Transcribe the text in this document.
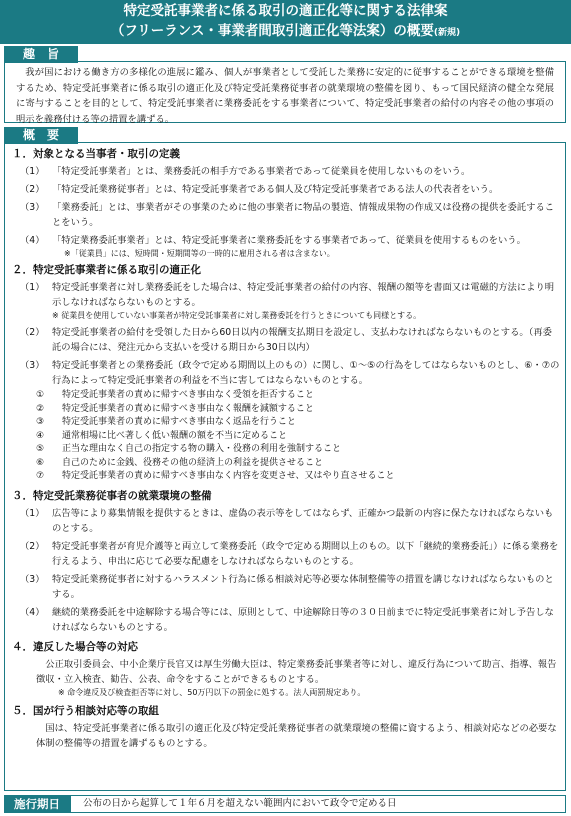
特定受託事業者に係る取引の適正化等に関する法律案
（フリーランス・事業者間取引適正化等法案）の概要(新規)
趣　旨
我が国における働き方の多様化の進展に鑑み、個人が事業者として受託した業務に安定的に従事することができる環境を整備するため、特定受託事業者に係る取引の適正化及び特定受託業務従事者の就業環境の整備を図り、もって国民経済の健全な発展に寄与することを目的として、特定受託事業者に業務委託をする事業者について、特定受託事業者の給付の内容その他の事項の明示を義務付ける等の措置を講ずる。
概　要
１．対象となる当事者・取引の定義
（1） 「特定受託事業者」とは、業務委託の相手方である事業者であって従業員を使用しないものをいう。
（2） 「特定受託業務従事者」とは、特定受託事業者である個人及び特定受託事業者である法人の代表者をいう。
（3） 「業務委託」とは、事業者がその事業のために他の事業者に物品の製造、情報成果物の作成又は役務の提供を委託することをいう。
（4） 「特定業務委託事業者」とは、特定受託事業者に業務委託をする事業者であって、従業員を使用するものをいう。
※「従業員」には、短時間・短期間等の一時的に雇用される者は含まない。
２．特定受託事業者に係る取引の適正化
（1） 特定受託事業者に対し業務委託をした場合は、特定受託事業者の給付の内容、報酬の額等を書面又は電磁的方法により明示しなければならないものとする。
※ 従業員を使用していない事業者が特定受託事業者に対し業務委託を行うときについても同様とする。
（2） 特定受託事業者の給付を受領した日から60日以内の報酬支払期日を設定し、支払わなければならないものとする。（再委託の場合には、発注元から支払いを受ける期日から30日以内）
（3） 特定受託事業者との業務委託（政令で定める期間以上のもの）に関し、①～⑤の行為をしてはならないものとし、⑥・⑦の行為によって特定受託事業者の利益を不当に害してはならないものとする。
① 特定受託事業者の責めに帰すべき事由なく受領を拒否すること
② 特定受託事業者の責めに帰すべき事由なく報酬を減額すること
③ 特定受託事業者の責めに帰すべき事由なく返品を行うこと
④ 通常相場に比べ著しく低い報酬の額を不当に定めること
⑤ 正当な理由なく自己の指定する物の購入・役務の利用を強制すること
⑥ 自己のために金銭、役務その他の経済上の利益を提供させること
⑦ 特定受託事業者の責めに帰すべき事由なく内容を変更させ、又はやり直させること
３．特定受託業務従事者の就業環境の整備
（1） 広告等により募集情報を提供するときは、虚偽の表示等をしてはならず、正確かつ最新の内容に保たなければならないものとする。
（2） 特定受託事業者が育児介護等と両立して業務委託（政令で定める期間以上のもの。以下「継続的業務委託」）に係る業務を行えるよう、申出に応じて必要な配慮をしなければならないものとする。
（3） 特定受託業務従事者に対するハラスメント行為に係る相談対応等必要な体制整備等の措置を講じなければならないものとする。
（4） 継続的業務委託を中途解除する場合等には、原則として、中途解除日等の３０日前までに特定受託事業者に対し予告しなければならないものとする。
４．違反した場合等の対応
公正取引委員会、中小企業庁長官又は厚生労働大臣は、特定業務委託事業者等に対し、違反行為について助言、指導、報告徴収・立入検査、勧告、公表、命令をすることができるものとする。
※ 命令違反及び検査拒否等に対し、50万円以下の罰金に処する。法人両罰規定あり。
５．国が行う相談対応等の取組
国は、特定受託事業者に係る取引の適正化及び特定受託業務従事者の就業環境の整備に資するよう、相談対応などの必要な体制の整備等の措置を講ずるものとする。
施行期日	公布の日から起算して１年６月を超えない範囲内において政令で定める日
